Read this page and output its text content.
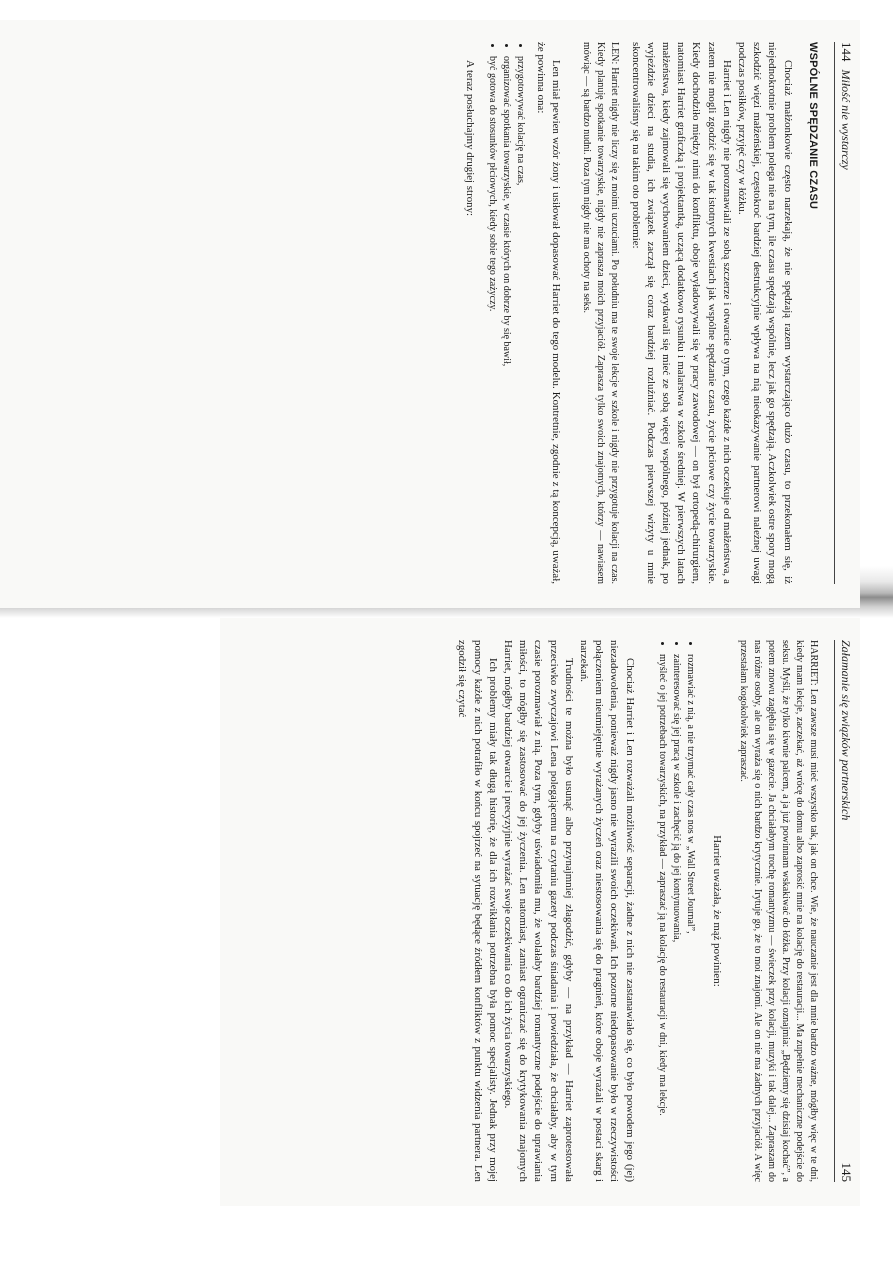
144
Miłość nie wystarczy
WSPÓLNE SPĘDZANIE CZASU

Chociaż małżonkowie często narzekają, że nie spędzają razem wystarczająco dużo czasu, to przekonałem się, iż niejednokrotnie problem polega nie na tym, ile czasu spędzają wspólnie, lecz jak go spędzają. Aczkolwiek ostre spory mogą szkodzić więzi małżeńskiej, częstokroć bardziej destrukcyjnie wpływa na nią nieokazywanie partnerowi należnej uwagi podczas posiłków, przyjęć czy w łóżku.

Harriet i Len nigdy nie porozmawiali ze sobą szczerze i otwarcie o tym, czego każde z nich oczekuje od małżeństwa, a zatem nie mogli zgodzić się w tak istotnych kwestiach jak wspólne spędzanie czasu, życie płciowe czy życie towarzyskie. Kiedy dochodziło między nimi do konfliktu, oboje wyładowywali się w pracy zawodowej — on był ortopedą-chirurgiem, natomiast Harriet graficzką i projektantką, uczącą dodatkowo rysunku i malarstwa w szkole średniej. W pierwszych latach małżeństwa, kiedy zajmowali się wychowaniem dzieci, wydawali się mieć ze sobą więcej wspólnego, później jednak, po wyjeździe dzieci na studia, ich związek zaczął się coraz bardziej rozluźniać. Podczas pierwszej wizyty u mnie skoncentrowaliśmy się na takim oto problemie:

LEN: Harriet nigdy nie liczy się z moimi uczuciami. Po południu ma te swoje lekcje w szkole i nigdy nie przygotuje kolacji na czas. Kiedy planuję spotkanie towarzyskie, nigdy nie zaprasza moich przyjaciół. Zaprasza tylko swoich znajomych, którzy — nawiasem mówiąc — są bardzo nudni. Poza tym nigdy nie ma ochoty na seks.

Len miał pewien wzór żony i usiłował dopasować Harriet do tego modelu. Kontretnie, zgodnie z tą koncepcją, uważał, że powinna ona:

• przygotowywać kolację na czas,
• organizować spotkania towarzyskie, w czasie których on dobrze by się bawił,
• być gotowa do stosunków płciowych, kiedy sobie tego zażyczy.

A teraz posłuchajmy drugiej strony:

Załamanie się związków partnerskich
145

HARRIET: Len zawsze musi mieć wszystko tak, jak on chce. Wie, że nauczanie jest dla mnie bardzo ważne, mógłby więc w te dni, kiedy mam lekcje, zaczekać, aż wrócę do domu albo zaprosić mnie na kolację do restauracji... Ma zupełnie mechaniczne podejście do seksu. Myśli, że tylko kiwnie palcem, a ja już powinnam wskakiwać do łóżka. Przy kolacji oznajmia: „Będziemy się dzisiaj kochać”, a potem znowu zagłębia się w gazecie. Ja chciałabym trochę romantyzmu — świeczek przy kolacji, muzyki i tak dalej... Zapraszam do nas różne osoby, ale on wyraża się o nich bardzo krytycznie. Irytuje go, że to moi znajomi. Ale on nie ma żadnych przyjaciół. A więc przestałam kogokolwiek zapraszać.

Harriet uważała, że mąż powinien:

• rozmawiać z nią, a nie trzymać cały czas nos w „Wall Street Journal”,
• zainteresować się jej pracą w szkole i zachęcić ją do jej kontynuowania,
• myśleć o jej potrzebach towarzyskich, na przykład — zapraszać ją na kolację do restauracji w dni, kiedy ma lekcje.

Chociaż Harriet i Len rozważali możliwość separacji, żadne z nich nie zastanawiało się, co było powodem jego (jej) niezadowolenia, ponieważ nigdy jasno nie wyrazili swoich oczekiwań. Ich pozorne niedopasowanie było w rzeczywistości połączeniem nieumiejętnie wyrażanych życzeń oraz niestosowania się do pragnień, które oboje wyrażali w postaci skarg i narzekań.

Trudności te można było usunąć albo przynajmniej złagodzić, gdyby — na przykład — Harriet zaprotestowała przeciwko zwyczajowi Lena polegającemu na czytaniu gazety podczas śniadania i powiedziała, że chciałaby, aby w tym czasie porozmawiał z nią. Poza tym, gdyby uświadomiła mu, że wolałaby bardziej romantyczne podejście do uprawiania miłości, to mógłby się zastosować do jej życzenia. Len natomiast, zamiast ograniczać się do krytykowania znajomych Harriet, mógłby bardziej otwarcie i precyzyjnie wyrażać swoje oczekiwania co do ich życia towarzyskiego.

Ich problemy miały tak długą historię, że dla ich rozwikłania potrzebna była pomoc specjalisty. Jednak przy mojej pomocy każde z nich potrafiło w końcu spojrzeć na sytuację będące źródłem konfliktów z punktu widzenia partnera. Len zgodził się czytać
